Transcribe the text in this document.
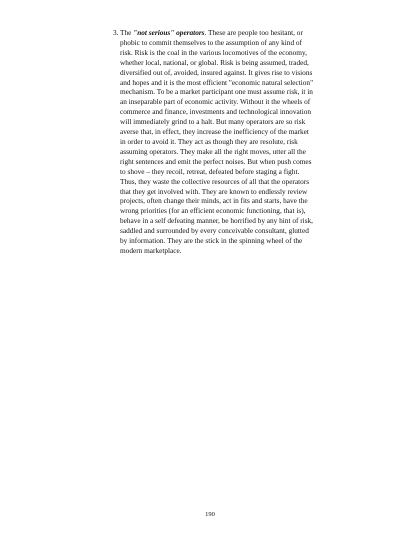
3. The "not serious" operators. These are people too hesitant, or phobic to commit themselves to the assumption of any kind of risk. Risk is the coal in the various locomotives of the economy, whether local, national, or global. Risk is being assumed, traded, diversified out of, avoided, insured against. It gives rise to visions and hopes and it is the most efficient "economic natural selection" mechanism. To be a market participant one must assume risk, it in an inseparable part of economic activity. Without it the wheels of commerce and finance, investments and technological innovation will immediately grind to a halt. But many operators are so risk averse that, in effect, they increase the inefficiency of the market in order to avoid it. They act as though they are resolute, risk assuming operators. They make all the right moves, utter all the right sentences and emit the perfect noises. But when push comes to shove – they recoil, retreat, defeated before staging a fight. Thus, they waste the collective resources of all that the operators that they get involved with. They are known to endlessly review projects, often change their minds, act in fits and starts, have the wrong priorities (for an efficient economic functioning, that is), behave in a self defeating manner, be horrified by any hint of risk, saddled and surrounded by every conceivable consultant, glutted by information. They are the stick in the spinning wheel of the modern marketplace.
190
